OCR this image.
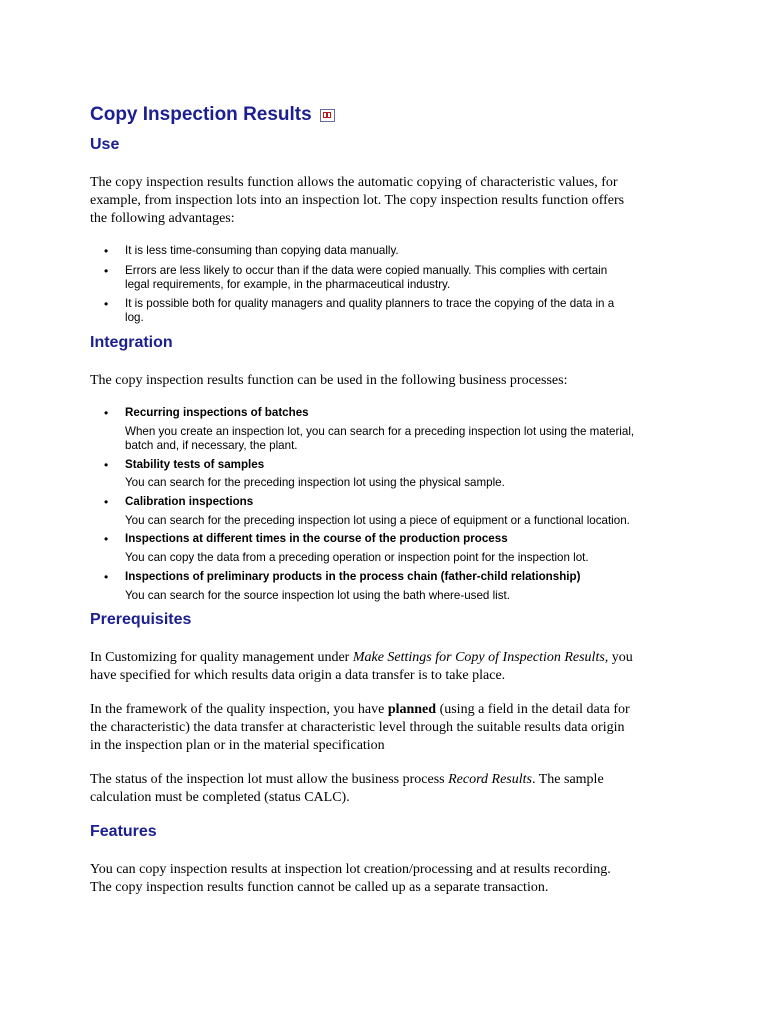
Copy Inspection Results
Use
The copy inspection results function allows the automatic copying of characteristic values, for
example, from inspection lots into an inspection lot. The copy inspection results function offers
the following advantages:
• It is less time-consuming than copying data manually.
• Errors are less likely to occur than if the data were copied manually. This complies with certain
legal requirements, for example, in the pharmaceutical industry.
• It is possible both for quality managers and quality planners to trace the copying of the data in a
log.
Integration
The copy inspection results function can be used in the following business processes:
• Recurring inspections of batches
When you create an inspection lot, you can search for a preceding inspection lot using the material,
batch and, if necessary, the plant.
• Stability tests of samples
You can search for the preceding inspection lot using the physical sample.
• Calibration inspections
You can search for the preceding inspection lot using a piece of equipment or a functional location.
• Inspections at different times in the course of the production process
You can copy the data from a preceding operation or inspection point for the inspection lot.
• Inspections of preliminary products in the process chain (father-child relationship)
You can search for the source inspection lot using the bath where-used list.
Prerequisites
In Customizing for quality management under Make Settings for Copy of Inspection Results, you
have specified for which results data origin a data transfer is to take place.
In the framework of the quality inspection, you have planned (using a field in the detail data for
the characteristic) the data transfer at characteristic level through the suitable results data origin
in the inspection plan or in the material specification
The status of the inspection lot must allow the business process Record Results. The sample
calculation must be completed (status CALC).
Features
You can copy inspection results at inspection lot creation/processing and at results recording.
The copy inspection results function cannot be called up as a separate transaction.
